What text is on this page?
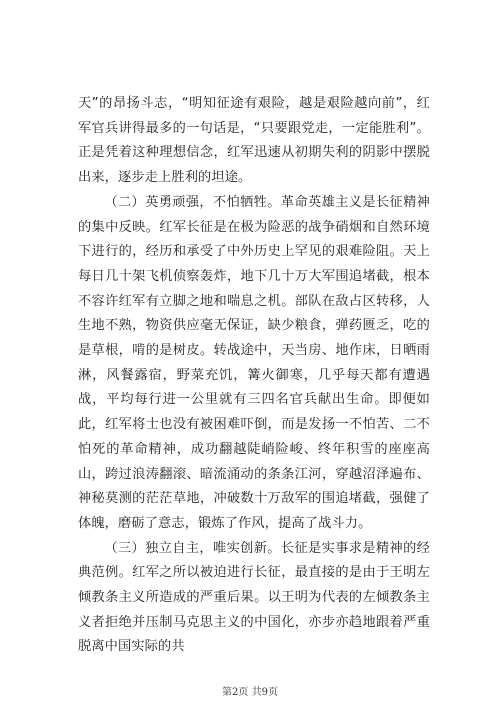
天”的昂扬斗志，“明知征途有艰险，越是艰险越向前”，红军官兵讲得最多的一句话是，“只要跟党走，一定能胜利”。正是凭着这种理想信念，红军迅速从初期失利的阴影中摆脱出来，逐步走上胜利的坦途。

（二）英勇顽强，不怕牺牲。革命英雄主义是长征精神的集中反映。红军长征是在极为险恶的战争硝烟和自然环境下进行的，经历和承受了中外历史上罕见的艰难险阻。天上每日几十架飞机侦察轰炸，地下几十万大军围追堵截，根本不容许红军有立脚之地和喘息之机。部队在敌占区转移，人生地不熟，物资供应毫无保证，缺少粮食，弹药匮乏，吃的是草根，啃的是树皮。转战途中，天当房、地作床，日晒雨淋，风餐露宿，野菜充饥，篝火御寒，几乎每天都有遭遇战，平均每行进一公里就有三四名官兵献出生命。即便如此，红军将士也没有被困难吓倒，而是发扬一不怕苦、二不怕死的革命精神，成功翻越陡峭险峻、终年积雪的座座高山，跨过浪涛翻滚、暗流涌动的条条江河，穿越沼泽遍布、神秘莫测的茫茫草地，冲破数十万敌军的围追堵截，强健了体魄，磨砺了意志，锻炼了作风，提高了战斗力。

（三）独立自主，唯实创新。长征是实事求是精神的经典范例。红军之所以被迫进行长征，最直接的是由于王明左倾教条主义所造成的严重后果。以王明为代表的左倾教条主义者拒绝并压制马克思主义的中国化，亦步亦趋地跟着严重脱离中国实际的共

第2页 共9页
